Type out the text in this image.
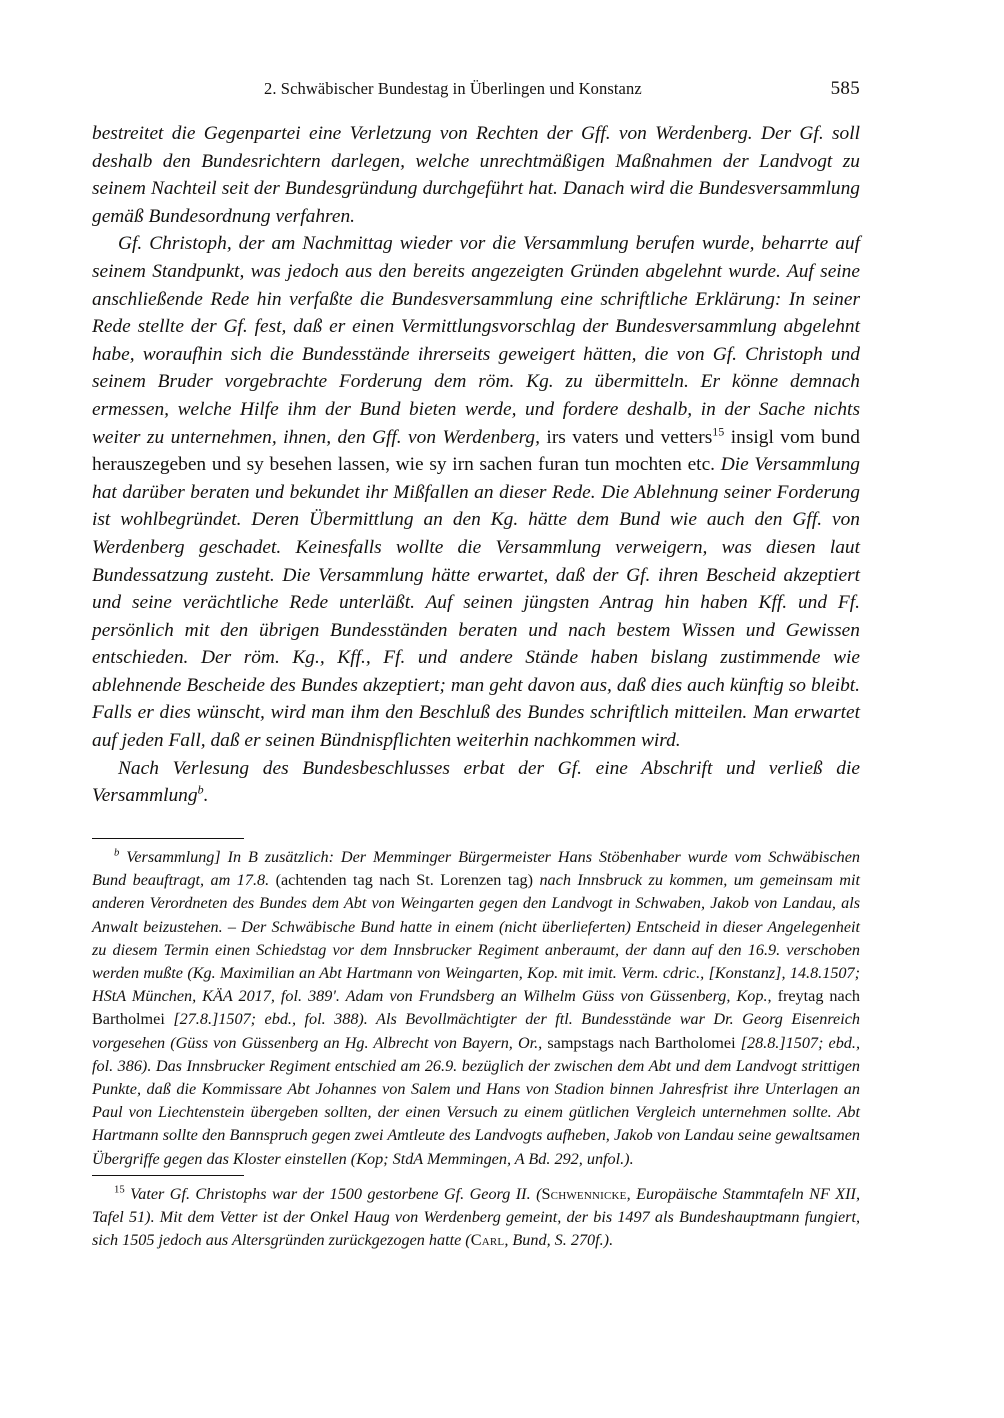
2. Schwäbischer Bundestag in Überlingen und Konstanz	585

bestreitet die Gegenpartei eine Verletzung von Rechten der Gff. von Werdenberg. Der Gf. soll deshalb den Bundesrichtern darlegen, welche unrechtmäßigen Maßnahmen der Landvogt zu seinem Nachteil seit der Bundesgründung durchgeführt hat. Danach wird die Bundesversammlung gemäß Bundesordnung verfahren.

Gf. Christoph, der am Nachmittag wieder vor die Versammlung berufen wurde, beharrte auf seinem Standpunkt, was jedoch aus den bereits angezeigten Gründen abgelehnt wurde. Auf seine anschließende Rede hin verfaßte die Bundesversammlung eine schriftliche Erklärung: In seiner Rede stellte der Gf. fest, daß er einen Vermittlungsvorschlag der Bundesversammlung abgelehnt habe, woraufhin sich die Bundesstände ihrerseits geweigert hätten, die von Gf. Christoph und seinem Bruder vorgebrachte Forderung dem röm. Kg. zu übermitteln. Er könne demnach ermessen, welche Hilfe ihm der Bund bieten werde, und fordere deshalb, in der Sache nichts weiter zu unternehmen, ihnen, den Gff. von Werdenberg, irs vaters und vetters$^{15}$ insigl vom bund herauszegeben und sy besehen lassen, wie sy irn sachen furan tun mochten etc. Die Versammlung hat darüber beraten und bekundet ihr Mißfallen an dieser Rede. Die Ablehnung seiner Forderung ist wohlbegründet. Deren Übermittlung an den Kg. hätte dem Bund wie auch den Gff. von Werdenberg geschadet. Keinesfalls wollte die Versammlung verweigern, was diesen laut Bundessatzung zusteht. Die Versammlung hätte erwartet, daß der Gf. ihren Bescheid akzeptiert und seine verächtliche Rede unterläßt. Auf seinen jüngsten Antrag hin haben Kff. und Ff. persönlich mit den übrigen Bundesständen beraten und nach bestem Wissen und Gewissen entschieden. Der röm. Kg., Kff., Ff. und andere Stände haben bislang zustimmende wie ablehnende Bescheide des Bundes akzeptiert; man geht davon aus, daß dies auch künftig so bleibt. Falls er dies wünscht, wird man ihm den Beschluß des Bundes schriftlich mitteilen. Man erwartet auf jeden Fall, daß er seinen Bündnispflichten weiterhin nachkommen wird.

Nach Verlesung des Bundesbeschlusses erbat der Gf. eine Abschrift und verließ die Versammlung$^b$.

$^b$ Versammlung] In B zusätzlich: Der Memminger Bürgermeister Hans Stöbenhaber wurde vom Schwäbischen Bund beauftragt, am 17.8. (achtenden tag nach St. Lorenzen tag) nach Innsbruck zu kommen, um gemeinsam mit anderen Verordneten des Bundes dem Abt von Weingarten gegen den Landvogt in Schwaben, Jakob von Landau, als Anwalt beizustehen. – Der Schwäbische Bund hatte in einem (nicht überlieferten) Entscheid in dieser Angelegenheit zu diesem Termin einen Schiedstag vor dem Innsbrucker Regiment anberaumt, der dann auf den 16.9. verschoben werden mußte (Kg. Maximilian an Abt Hartmann von Weingarten, Kop. mit imit. Verm. cdric., [Konstanz], 14.8.1507; HStA München, KÄA 2017, fol. 389'. Adam von Frundsberg an Wilhelm Güss von Güssenberg, Kop., freytag nach Bartholmei [27.8.]1507; ebd., fol. 388). Als Bevollmächtigter der ftl. Bundesstände war Dr. Georg Eisenreich vorgesehen (Güss von Güssenberg an Hg. Albrecht von Bayern, Or., sampstags nach Bartholomei [28.8.]1507; ebd., fol. 386). Das Innsbrucker Regiment entschied am 26.9. bezüglich der zwischen dem Abt und dem Landvogt strittigen Punkte, daß die Kommissare Abt Johannes von Salem und Hans von Stadion binnen Jahresfrist ihre Unterlagen an Paul von Liechtenstein übergeben sollten, der einen Versuch zu einem gütlichen Vergleich unternehmen sollte. Abt Hartmann sollte den Bannspruch gegen zwei Amtleute des Landvogts aufheben, Jakob von Landau seine gewaltsamen Übergriffe gegen das Kloster einstellen (Kop; StdA Memmingen, A Bd. 292, unfol.).

$^{15}$ Vater Gf. Christophs war der 1500 gestorbene Gf. Georg II. (Schwennicke, Europäische Stammtafeln NF XII, Tafel 51). Mit dem Vetter ist der Onkel Haug von Werdenberg gemeint, der bis 1497 als Bundeshauptmann fungiert, sich 1505 jedoch aus Altersgründen zurückgezogen hatte (Carl, Bund, S. 270f.).
